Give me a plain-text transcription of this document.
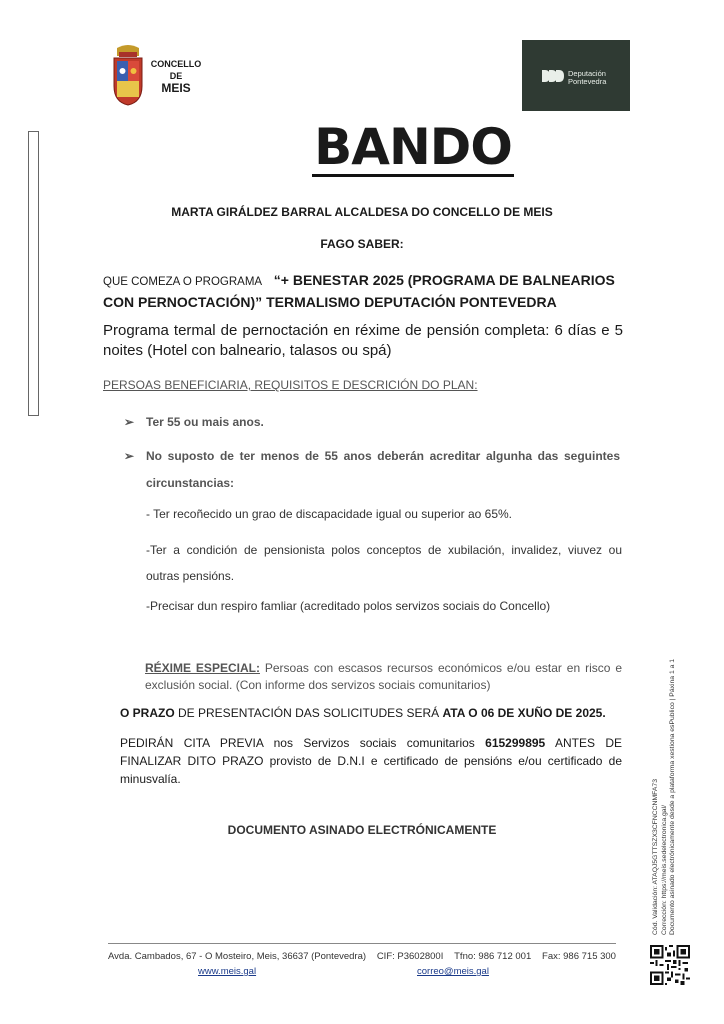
CONCELLO
DE
MEIS
Deputación
Pontevedra
BANDO
MARTA GIRÁLDEZ BARRAL ALCALDESA DO CONCELLO DE MEIS
FAGO SABER:
QUE COMEZA O PROGRAMA “+ BENESTAR 2025 (PROGRAMA DE BALNEARIOS CON PERNOCTACIÓN)” TERMALISMO DEPUTACIÓN PONTEVEDRA
Programa termal de pernoctación en réxime de pensión completa: 6 días e 5 noites (Hotel con balneario, talasos ou spá)
PERSOAS BENEFICIARIA, REQUISITOS E DESCRICIÓN DO PLAN:
➢ Ter 55 ou mais anos.
➢ No suposto de ter menos de 55 anos deberán acreditar algunha das seguintes circunstancias:
- Ter recoñecido un grao de discapacidade igual ou superior ao 65%.
-Ter a condición de pensionista polos conceptos de xubilación, invalidez, viuvez ou outras pensións.
-Precisar dun respiro famliar (acreditado polos servizos sociais do Concello)
RÉXIME ESPECIAL: Persoas con escasos recursos económicos e/ou estar en risco e exclusión social. (Con informe dos servizos sociais comunitarios)
O PRAZO DE PRESENTACIÓN DAS SOLICITUDES SERÁ ATA O 06 DE XUÑO DE 2025.
PEDIRÁN CITA PREVIA nos Servizos sociais comunitarios 615299895 ANTES DE FINALIZAR DITO PRAZO provisto de D.N.I e certificado de pensións e/ou certificado de minusvalía.
DOCUMENTO ASINADO ELECTRÓNICAMENTE
Avda. Cambados, 67 - O Mosteiro, Meis, 36637 (Pontevedra) CIF: P3602800I Tfno: 986 712 001 Fax: 986 715 300
www.meis.gal	correo@meis.gal
Cód. Validación: ATAQJ5GTTSZX3CFNCCNMFA73 Corrección: https://meis.sedelectronica.gal/ Documento asinado electrónicamente desde a plataforma xestiona esPublico | Páxina 1 a 1
